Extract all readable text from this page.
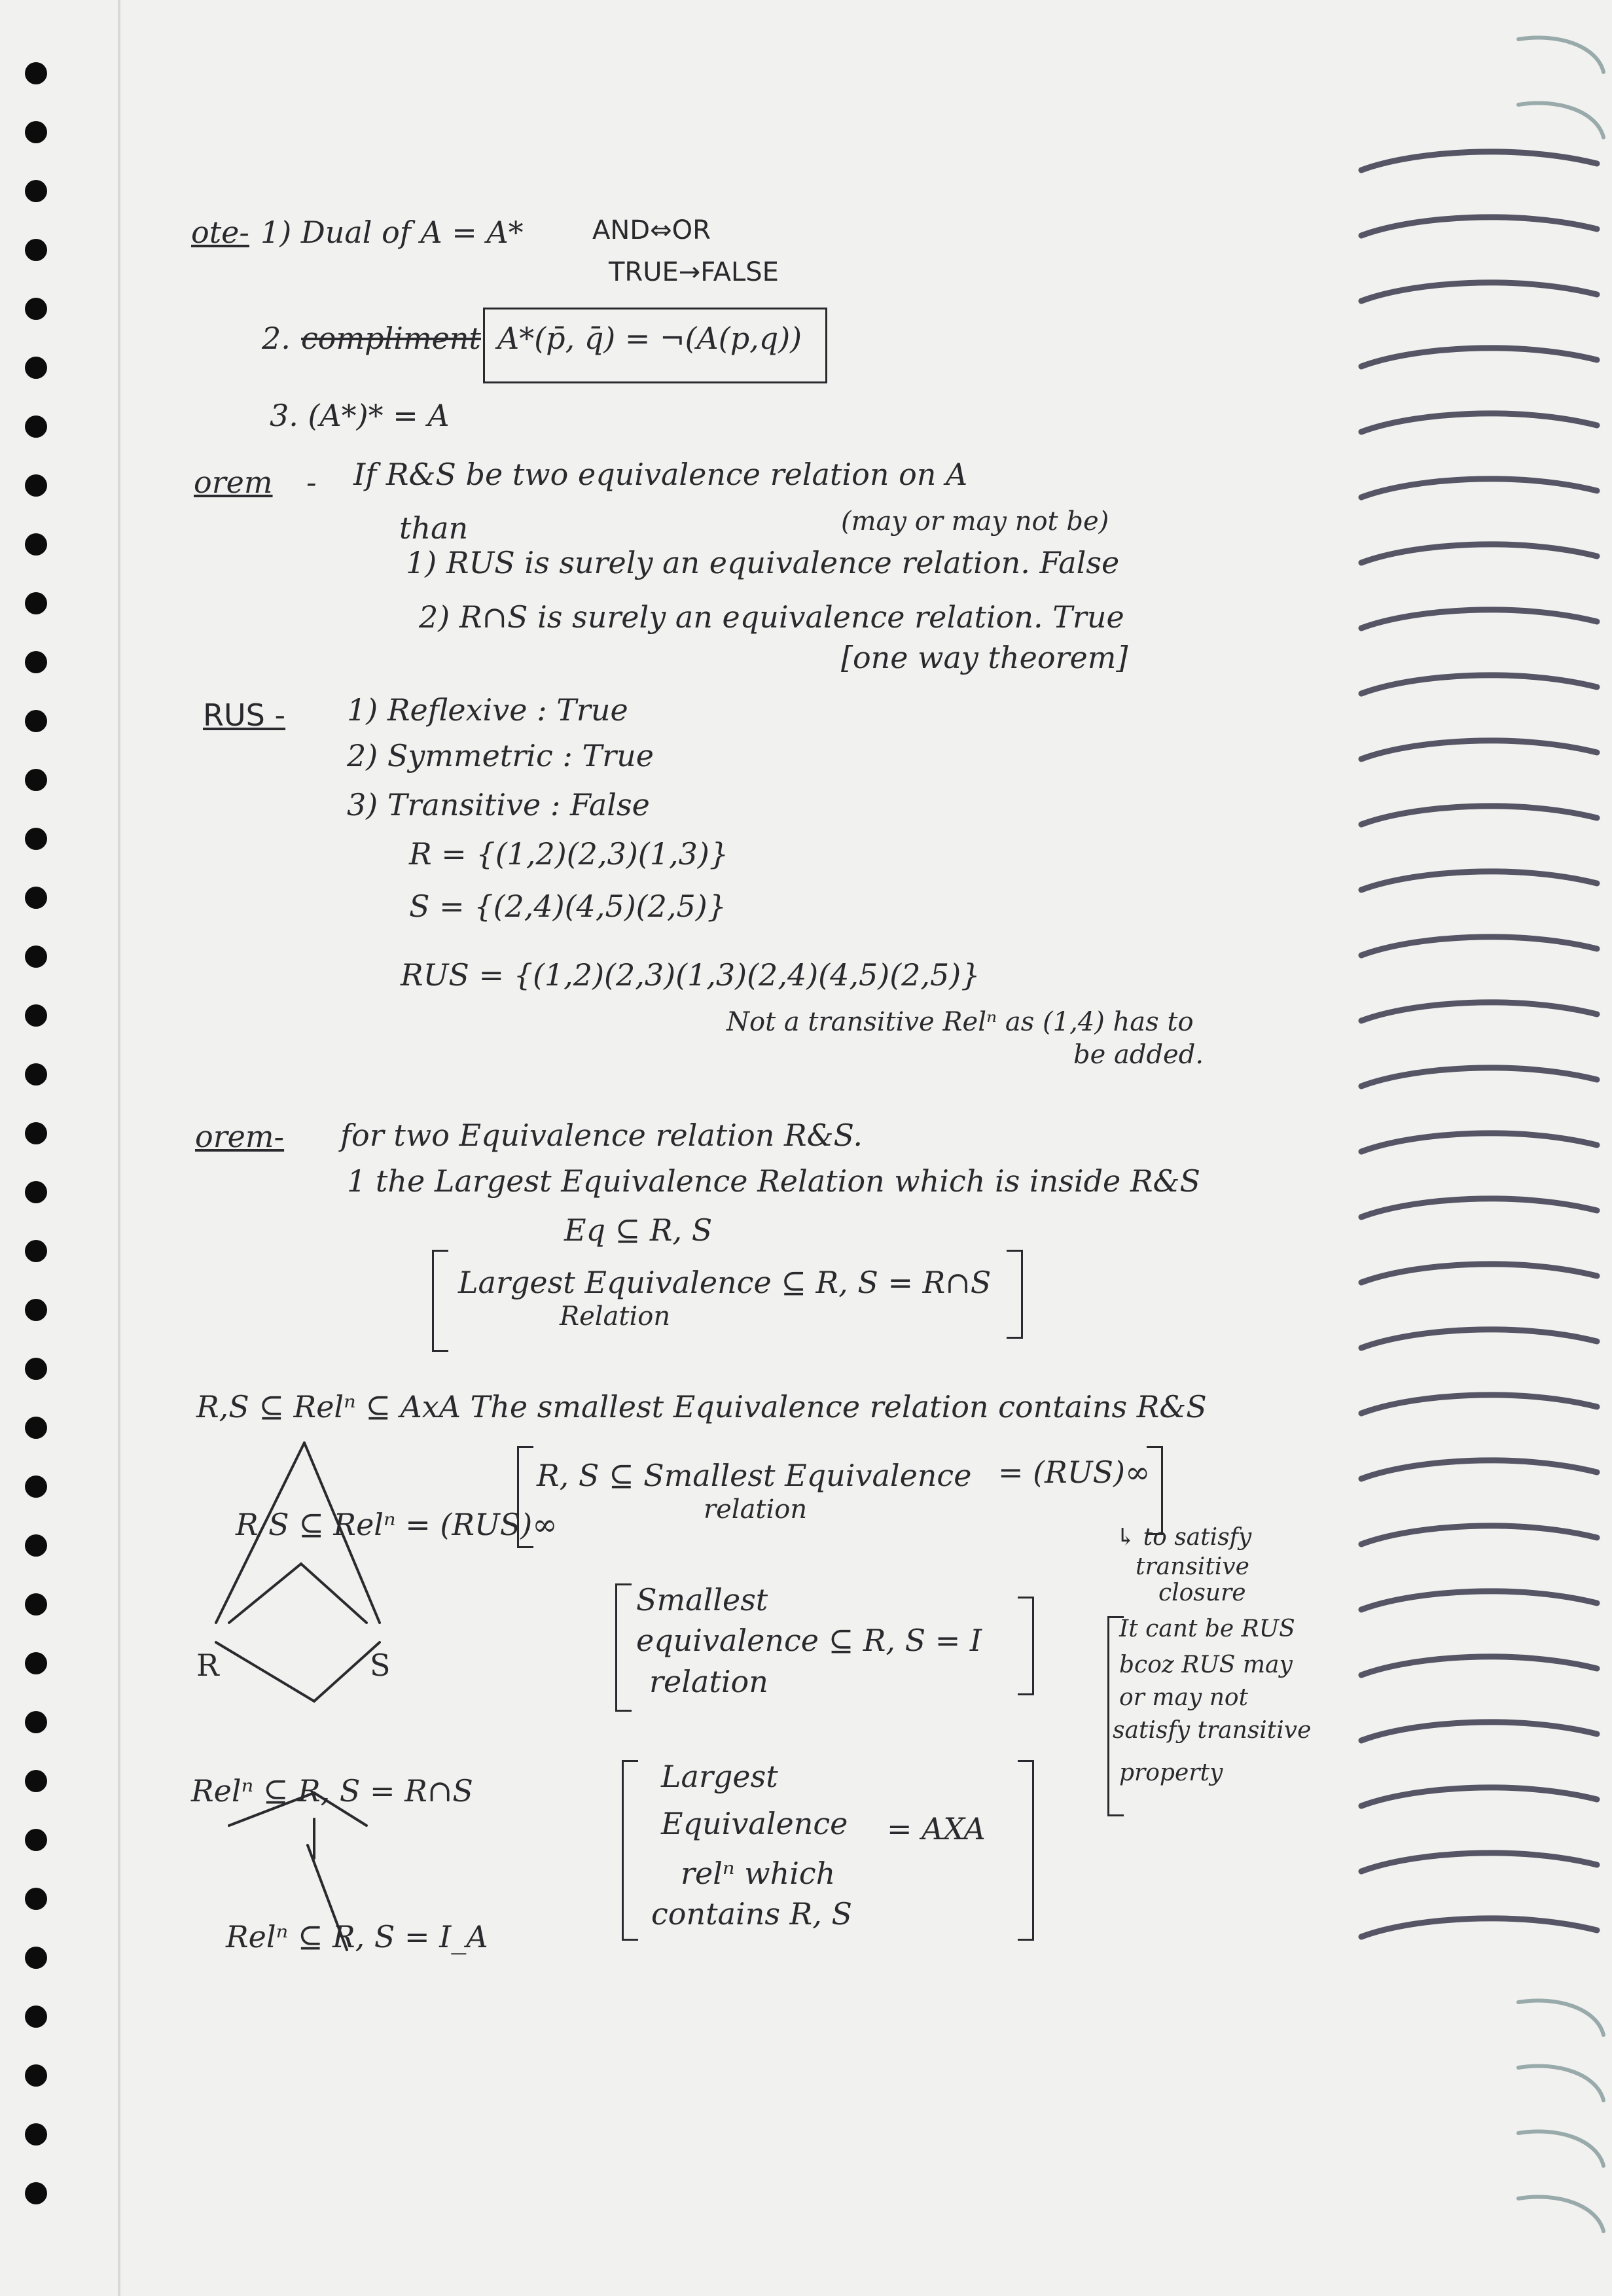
ote- 1) Dual of A = A*	AND⇔OR
TRUE→FALSE
2. compliment A*(p̄, q̄) = ¬(A(p,q))
3. (A*)* = A
orem - If R&S be two equivalence relation on A
than	(may or may not be)
1) RUS is surely an equivalence relation. False
2) R∩S is surely an equivalence relation. True
[one way theorem]
RUS - 1) Reflexive : True
2) Symmetric : True
3) Transitive : False
R = {(1,2)(2,3)(1,3)}
S = {(2,4)(4,5)(2,5)}
RUS = {(1,2)(2,3)(1,3)(2,4)(4,5)(2,5)}
Not a transitive Relⁿ as (1,4) has to
be added.
orem- for two Equivalence relation R&S.
1 the Largest Equivalence Relation which is inside R&S
Eq ⊆ R, S
Largest Equivalence ⊆ R, S = R∩S
Relation
R,S ⊆ Relⁿ ⊆ AxA The smallest Equivalence relation contains R&S
R, S ⊆ Smallest Equivalence
relation
= (RUS)∞
↳ to satisfy
transitive
closure
It cant be RUS
bcoz RUS may
or may not
satisfy transitive
property
R/S ⊆ Relⁿ = (RUS)∞
R	S
Relⁿ ⊆ R, S = R∩S
Relⁿ ⊆ R, S = I_A
Smallest
equivalence ⊆ R, S = I
relation
Largest
Equivalence = AXA
relⁿ which
contains R, S
